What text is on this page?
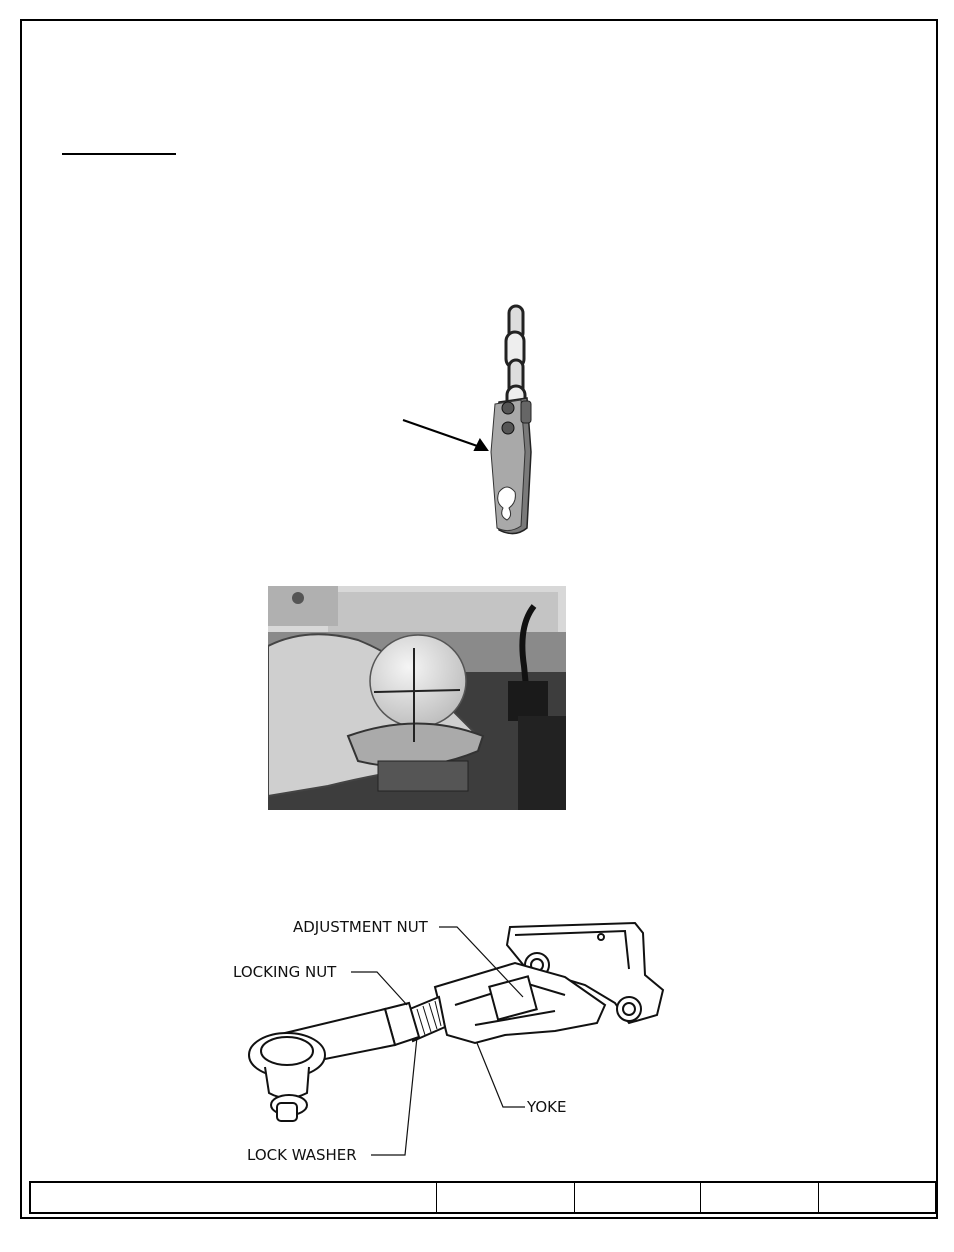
ADJUSTMENT NUT
LOCKING NUT
LOCK WASHER
YOKE
